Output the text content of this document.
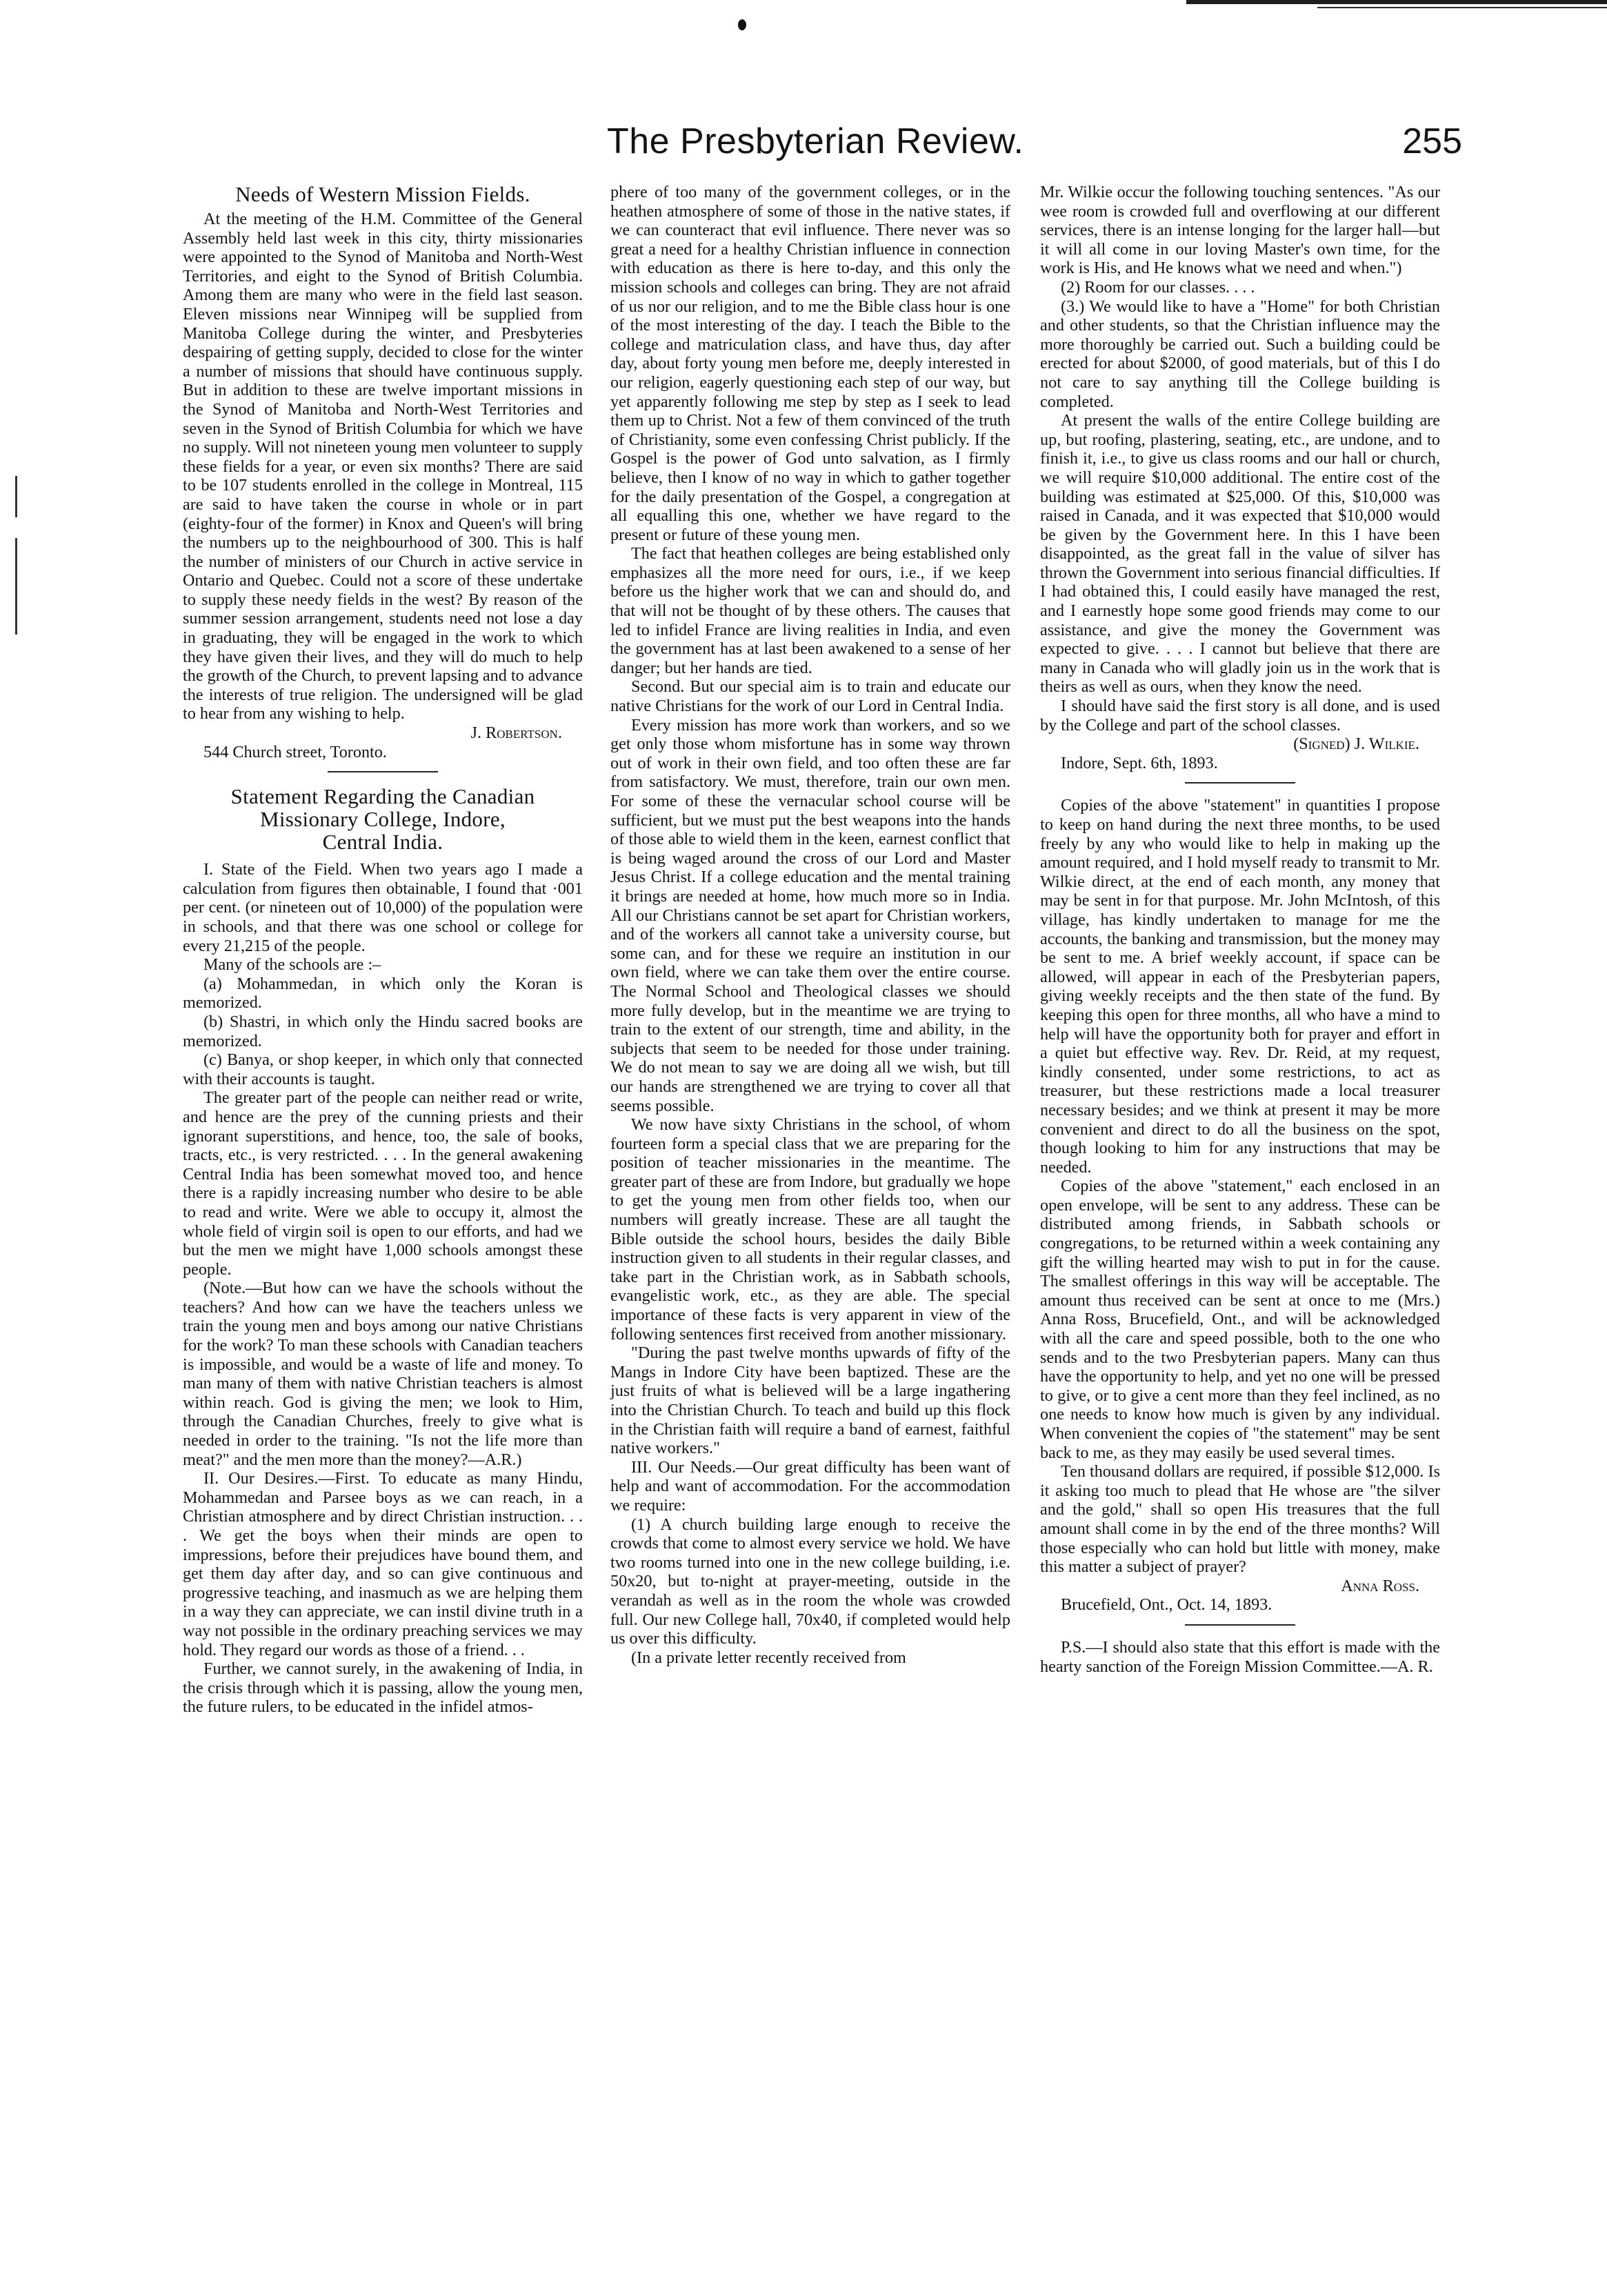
The Presbyterian Review.	255
Needs of Western Mission Fields.

At the meeting of the H.M. Committee of the General Assembly held last week in this city, thirty missionaries were appointed to the Synod of Manitoba and North-West Territories, and eight to the Synod of British Columbia. Among them are many who were in the field last season. Eleven missions near Winnipeg will be supplied from Manitoba College during the winter, and Presbyteries despairing of getting supply, decided to close for the winter a number of missions that should have continuous supply. But in addition to these are twelve important missions in the Synod of Manitoba and North-West Territories and seven in the Synod of British Columbia for which we have no supply. Will not nineteen young men volunteer to supply these fields for a year, or even six months? There are said to be 107 students enrolled in the college in Montreal, 115 are said to have taken the course in whole or in part (eighty-four of the former) in Knox and Queen's will bring the numbers up to the neighbourhood of 300. This is half the number of ministers of our Church in active service in Ontario and Quebec. Could not a score of these undertake to supply these needy fields in the west? By reason of the summer session arrangement, students need not lose a day in graduating, they will be engaged in the work to which they have given their lives, and they will do much to help the growth of the Church, to prevent lapsing and to advance the interests of true religion. The undersigned will be glad to hear from any wishing to help.

J. Robertson.

544 Church street, Toronto.

Statement Regarding the Canadian
Missionary College, Indore,
Central India.

I. State of the Field. When two years ago I made a calculation from figures then obtainable, I found that ·001 per cent. (or nineteen out of 10,000) of the population were in schools, and that there was one school or college for every 21,215 of the people.

Many of the schools are :–

(a) Mohammedan, in which only the Koran is memorized.

(b) Shastri, in which only the Hindu sacred books are memorized.

(c) Banya, or shop keeper, in which only that connected with their accounts is taught.

The greater part of the people can neither read or write, and hence are the prey of the cunning priests and their ignorant superstitions, and hence, too, the sale of books, tracts, etc., is very restricted. . . . In the general awakening Central India has been somewhat moved too, and hence there is a rapidly increasing number who desire to be able to read and write. Were we able to occupy it, almost the whole field of virgin soil is open to our efforts, and had we but the men we might have 1,000 schools amongst these people.

(Note.—But how can we have the schools without the teachers? And how can we have the teachers unless we train the young men and boys among our native Christians for the work? To man these schools with Canadian teachers is impossible, and would be a waste of life and money. To man many of them with native Christian teachers is almost within reach. God is giving the men; we look to Him, through the Canadian Churches, freely to give what is needed in order to the training. "Is not the life more than meat?" and the men more than the money?—A.R.)

II. Our Desires.—First. To educate as many Hindu, Mohammedan and Parsee boys as we can reach, in a Christian atmosphere and by direct Christian instruction. . . . We get the boys when their minds are open to impressions, before their prejudices have bound them, and get them day after day, and so can give continuous and progressive teaching, and inasmuch as we are helping them in a way they can appreciate, we can instil divine truth in a way not possible in the ordinary preaching services we may hold. They regard our words as those of a friend. . .

Further, we cannot surely, in the awakening of India, in the crisis through which it is passing, allow the young men, the future rulers, to be educated in the infidel atmos-

phere of too many of the government colleges, or in the heathen atmosphere of some of those in the native states, if we can counteract that evil influence. There never was so great a need for a healthy Christian influence in connection with education as there is here to-day, and this only the mission schools and colleges can bring. They are not afraid of us nor our religion, and to me the Bible class hour is one of the most interesting of the day. I teach the Bible to the college and matriculation class, and have thus, day after day, about forty young men before me, deeply interested in our religion, eagerly questioning each step of our way, but yet apparently following me step by step as I seek to lead them up to Christ. Not a few of them convinced of the truth of Christianity, some even confessing Christ publicly. If the Gospel is the power of God unto salvation, as I firmly believe, then I know of no way in which to gather together for the daily presentation of the Gospel, a congregation at all equalling this one, whether we have regard to the present or future of these young men.

The fact that heathen colleges are being established only emphasizes all the more need for ours, i.e., if we keep before us the higher work that we can and should do, and that will not be thought of by these others. The causes that led to infidel France are living realities in India, and even the government has at last been awakened to a sense of her danger; but her hands are tied.

Second. But our special aim is to train and educate our native Christians for the work of our Lord in Central India.

Every mission has more work than workers, and so we get only those whom misfortune has in some way thrown out of work in their own field, and too often these are far from satisfactory. We must, therefore, train our own men. For some of these the vernacular school course will be sufficient, but we must put the best weapons into the hands of those able to wield them in the keen, earnest conflict that is being waged around the cross of our Lord and Master Jesus Christ. If a college education and the mental training it brings are needed at home, how much more so in India. All our Christians cannot be set apart for Christian workers, and of the workers all cannot take a university course, but some can, and for these we require an institution in our own field, where we can take them over the entire course. The Normal School and Theological classes we should more fully develop, but in the meantime we are trying to train to the extent of our strength, time and ability, in the subjects that seem to be needed for those under training. We do not mean to say we are doing all we wish, but till our hands are strengthened we are trying to cover all that seems possible.

We now have sixty Christians in the school, of whom fourteen form a special class that we are preparing for the position of teacher missionaries in the meantime. The greater part of these are from Indore, but gradually we hope to get the young men from other fields too, when our numbers will greatly increase. These are all taught the Bible outside the school hours, besides the daily Bible instruction given to all students in their regular classes, and take part in the Christian work, as in Sabbath schools, evangelistic work, etc., as they are able. The special importance of these facts is very apparent in view of the following sentences first received from another missionary.

"During the past twelve months upwards of fifty of the Mangs in Indore City have been baptized. These are the just fruits of what is believed will be a large ingathering into the Christian Church. To teach and build up this flock in the Christian faith will require a band of earnest, faithful native workers."

III. Our Needs.—Our great difficulty has been want of help and want of accommodation. For the accommodation we require:

(1) A church building large enough to receive the crowds that come to almost every service we hold. We have two rooms turned into one in the new college building, i.e. 50x20, but to-night at prayer-meeting, outside in the verandah as well as in the room the whole was crowded full. Our new College hall, 70x40, if completed would help us over this difficulty.

(In a private letter recently received from

Mr. Wilkie occur the following touching sentences. "As our wee room is crowded full and overflowing at our different services, there is an intense longing for the larger hall—but it will all come in our loving Master's own time, for the work is His, and He knows what we need and when.")

(2) Room for our classes. . . .

(3.) We would like to have a "Home" for both Christian and other students, so that the Christian influence may the more thoroughly be carried out. Such a building could be erected for about $2000, of good materials, but of this I do not care to say anything till the College building is completed.

At present the walls of the entire College building are up, but roofing, plastering, seating, etc., are undone, and to finish it, i.e., to give us class rooms and our hall or church, we will require $10,000 additional. The entire cost of the building was estimated at $25,000. Of this, $10,000 was raised in Canada, and it was expected that $10,000 would be given by the Government here. In this I have been disappointed, as the great fall in the value of silver has thrown the Government into serious financial difficulties. If I had obtained this, I could easily have managed the rest, and I earnestly hope some good friends may come to our assistance, and give the money the Government was expected to give. . . . I cannot but believe that there are many in Canada who will gladly join us in the work that is theirs as well as ours, when they know the need.

I should have said the first story is all done, and is used by the College and part of the school classes.

(Signed) J. Wilkie.

Indore, Sept. 6th, 1893.

Copies of the above "statement" in quantities I propose to keep on hand during the next three months, to be used freely by any who would like to help in making up the amount required, and I hold myself ready to transmit to Mr. Wilkie direct, at the end of each month, any money that may be sent in for that purpose. Mr. John McIntosh, of this village, has kindly undertaken to manage for me the accounts, the banking and transmission, but the money may be sent to me. A brief weekly account, if space can be allowed, will appear in each of the Presbyterian papers, giving weekly receipts and the then state of the fund. By keeping this open for three months, all who have a mind to help will have the opportunity both for prayer and effort in a quiet but effective way. Rev. Dr. Reid, at my request, kindly consented, under some restrictions, to act as treasurer, but these restrictions made a local treasurer necessary besides; and we think at present it may be more convenient and direct to do all the business on the spot, though looking to him for any instructions that may be needed.

Copies of the above "statement," each enclosed in an open envelope, will be sent to any address. These can be distributed among friends, in Sabbath schools or congregations, to be returned within a week containing any gift the willing hearted may wish to put in for the cause. The smallest offerings in this way will be acceptable. The amount thus received can be sent at once to me (Mrs.) Anna Ross, Brucefield, Ont., and will be acknowledged with all the care and speed possible, both to the one who sends and to the two Presbyterian papers. Many can thus have the opportunity to help, and yet no one will be pressed to give, or to give a cent more than they feel inclined, as no one needs to know how much is given by any individual. When convenient the copies of "the statement" may be sent back to me, as they may easily be used several times.

Ten thousand dollars are required, if possible $12,000. Is it asking too much to plead that He whose are "the silver and the gold," shall so open His treasures that the full amount shall come in by the end of the three months? Will those especially who can hold but little with money, make this matter a subject of prayer?

Anna Ross.

Brucefield, Ont., Oct. 14, 1893.

P.S.—I should also state that this effort is made with the hearty sanction of the Foreign Mission Committee.—A. R.
